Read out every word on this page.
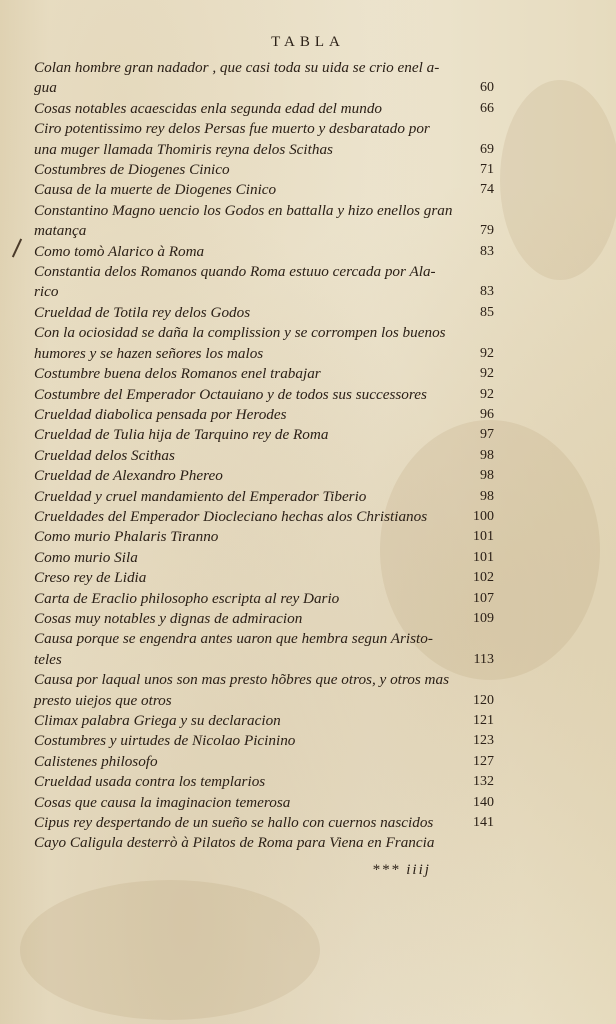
TABLA
Colan hombre gran nadador , que casi toda su uida se crio enel a-
gua	60
Cosas notables acaescidas enla segunda edad del mundo	66
Ciro potentissimo rey delos Persas fue muerto y desbaratado por
una muger llamada Thomiris reyna delos Scithas	69
Costumbres de Diogenes Cinico	71
Causa de la muerte de Diogenes Cinico	74
Constantino Magno uencio los Godos en battalla y hizo enellos gran
matança	79
Como tomò Alarico à Roma	83
Constantia delos Romanos quando Roma estuuo cercada por Ala-
rico	83
Crueldad de Totila rey delos Godos	85
Con la ociosidad se daña la complission y se corrompen los buenos
humores y se hazen señores los malos	92
Costumbre buena delos Romanos enel trabajar	92
Costumbre del Emperador Octauiano y de todos sus successores	92
Crueldad diabolica pensada por Herodes	96
Crueldad de Tulia hija de Tarquino rey de Roma	97
Crueldad delos Scithas	98
Crueldad de Alexandro Phereo	98
Crueldad y cruel mandamiento del Emperador Tiberio	98
Crueldades del Emperador Diocleciano hechas alos Christianos	100
Como murio Phalaris Tiranno	101
Como murio Sila	101
Creso rey de Lidia	102
Carta de Eraclio philosopho escripta al rey Dario	107
Cosas muy notables y dignas de admiracion	109
Causa porque se engendra antes uaron que hembra segun Aristo-
teles	113
Causa por laqual unos son mas presto hõbres que otros, y otros mas
presto uiejos que otros	120
Climax palabra Griega y su declaracion	121
Costumbres y uirtudes de Nicolao Picinino	123
Calistenes philosofo	127
Crueldad usada contra los templarios	132
Cosas que causa la imaginacion temerosa	140
Cipus rey despertando de un sueño se hallo con cuernos nascidos	141
Cayo Caligula desterrò à Pilatos de Roma para Viena en Francia
*** iiij
